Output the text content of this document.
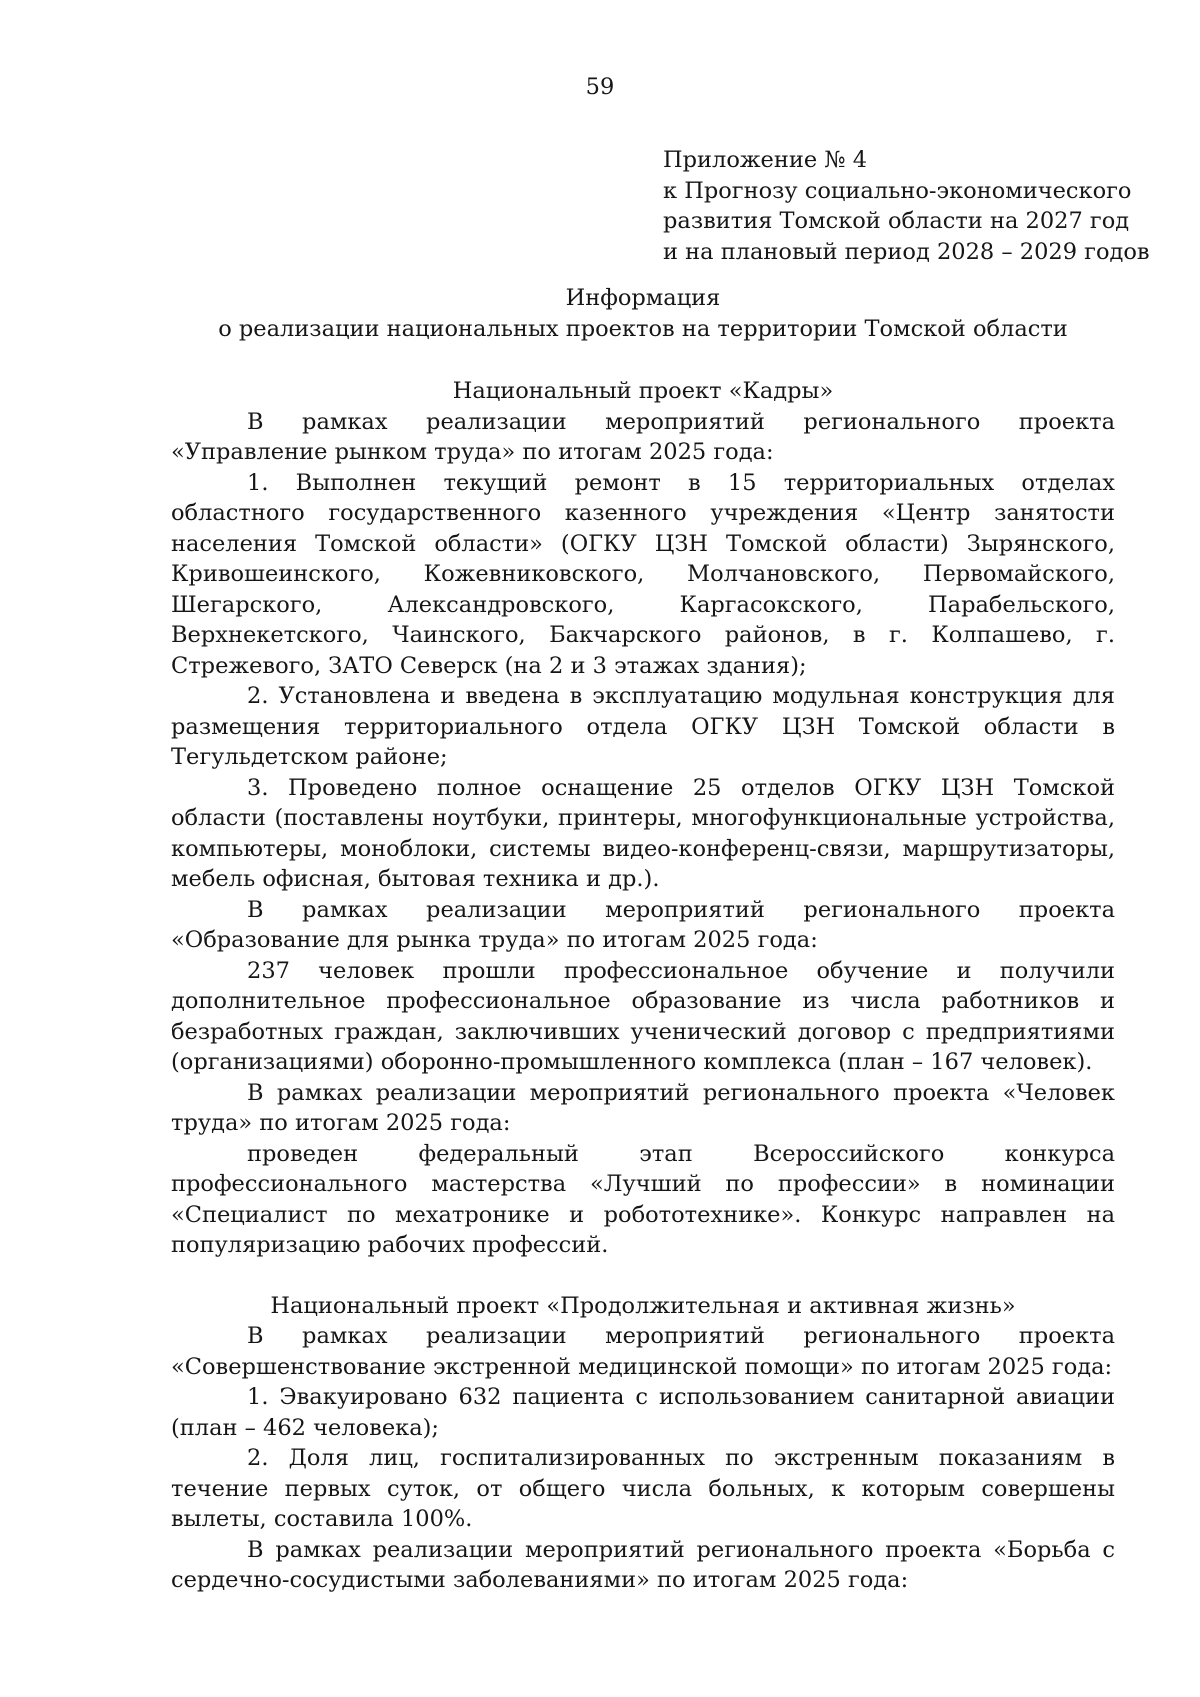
59
Приложение № 4
к Прогнозу социально-экономического
развития Томской области на 2027 год
и на плановый период 2028 – 2029 годов
Информация
о реализации национальных проектов на территории Томской области
Национальный проект «Кадры»

В рамках реализации мероприятий регионального проекта «Управление рынком труда» по итогам 2025 года:

1. Выполнен текущий ремонт в 15 территориальных отделах областного государственного казенного учреждения «Центр занятости населения Томской области» (ОГКУ ЦЗН Томской области) Зырянского, Кривошеинского, Кожевниковского, Молчановского, Первомайского, Шегарского, Александровского, Каргасокского, Парабельского, Верхнекетского, Чаинского, Бакчарского районов, в г. Колпашево, г. Стрежевого, ЗАТО Северск (на 2 и 3 этажах здания);

2. Установлена и введена в эксплуатацию модульная конструкция для размещения территориального отдела ОГКУ ЦЗН Томской области в Тегульдетском районе;

3. Проведено полное оснащение 25 отделов ОГКУ ЦЗН Томской области (поставлены ноутбуки, принтеры, многофункциональные устройства, компьютеры, моноблоки, системы видео-конференц-связи, маршрутизаторы, мебель офисная, бытовая техника и др.).

В рамках реализации мероприятий регионального проекта «Образование для рынка труда» по итогам 2025 года:

237 человек прошли профессиональное обучение и получили дополнительное профессиональное образование из числа работников и безработных граждан, заключивших ученический договор с предприятиями (организациями) оборонно-промышленного комплекса (план – 167 человек).

В рамках реализации мероприятий регионального проекта «Человек труда» по итогам 2025 года:

проведен федеральный этап Всероссийского конкурса профессионального мастерства «Лучший по профессии» в номинации «Специалист по мехатронике и робототехнике». Конкурс направлен на популяризацию рабочих профессий.

Национальный проект «Продолжительная и активная жизнь»

В рамках реализации мероприятий регионального проекта «Совершенствование экстренной медицинской помощи» по итогам 2025 года:

1. Эвакуировано 632 пациента с использованием санитарной авиации (план – 462 человека);

2. Доля лиц, госпитализированных по экстренным показаниям в течение первых суток, от общего числа больных, к которым совершены вылеты, составила 100%.

В рамках реализации мероприятий регионального проекта «Борьба с сердечно-сосудистыми заболеваниями» по итогам 2025 года:
